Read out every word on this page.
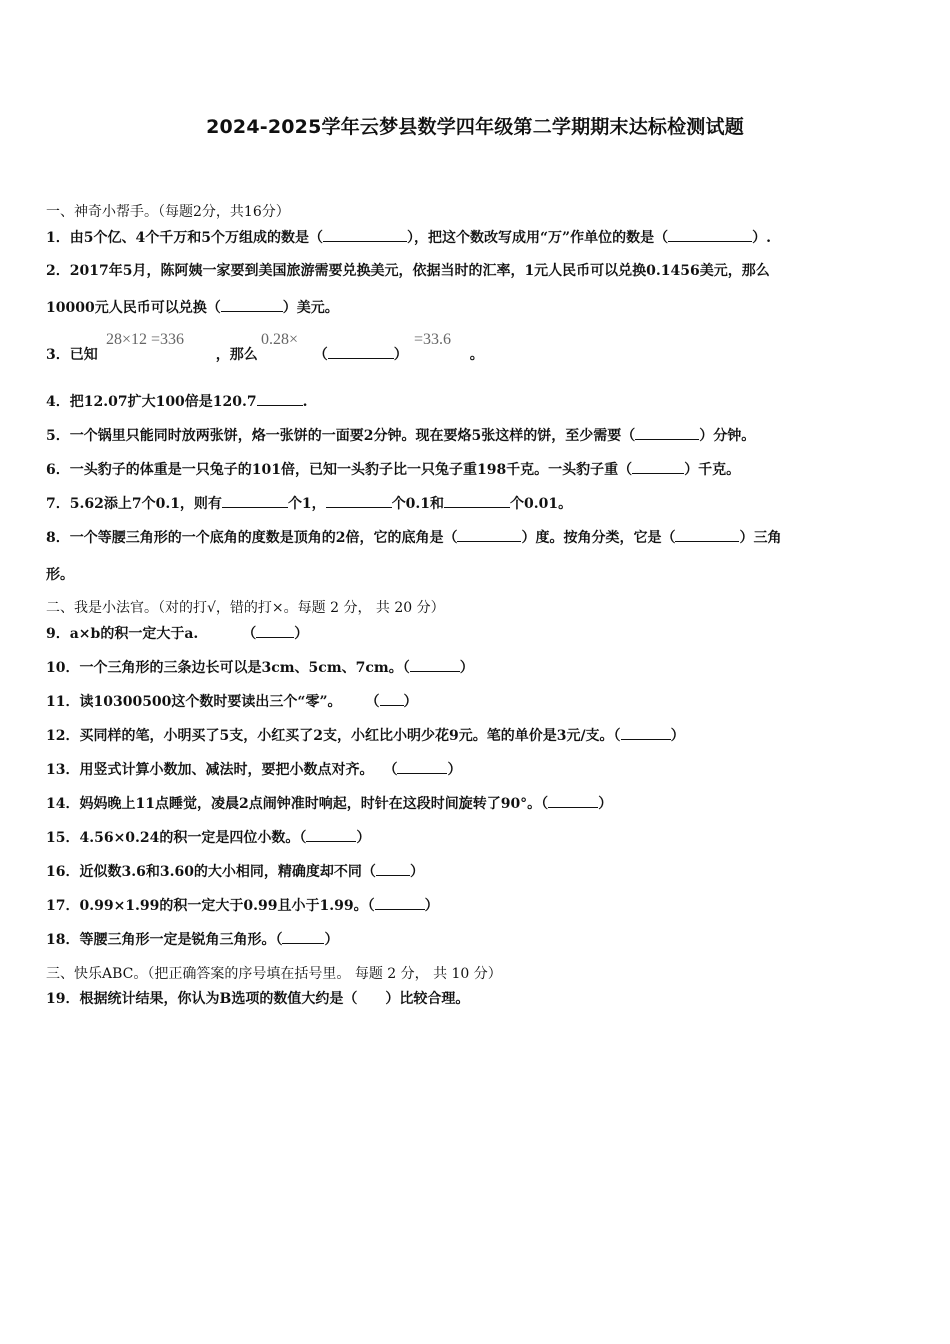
2024-2025学年云梦县数学四年级第二学期期末达标检测试题
一、神奇小帮手。（每题2分，共16分）
1．由5个亿、4个千万和5个万组成的数是（	），把这个数改写成用“万”作单位的数是（	）.
2．2017年5月，陈阿姨一家要到美国旅游需要兑换美元，依据当时的汇率，1元人民币可以兑换0.1456美元，那么
10000元人民币可以兑换（	）美元。
3．已知	，那么	（	）	。
28×12 =336	0.28×	=33.6
4．把12.07扩大100倍是120.7	.
5．一个锅里只能同时放两张饼，烙一张饼的一面要2分钟。现在要烙5张这样的饼，至少需要（	）分钟。
6．一头豹子的体重是一只兔子的101倍，已知一头豹子比一只兔子重198千克。一头豹子重（	）千克。
7．5.62添上7个0.1，则有	个1，	个0.1和	个0.01。
8．一个等腰三角形的一个底角的度数是顶角的2倍，它的底角是（	）度。按角分类，它是（	）三角
形。
二、我是小法官。（对的打√，错的打×。每题 2 分， 共 20 分）
9．a×b的积一定大于a.	（	）
10．一个三角形的三条边长可以是3cm、5cm、7cm。（	）
11．读10300500这个数时要读出三个“零”。 （ ）
12．买同样的笔，小明买了5支，小红买了2支，小红比小明少花9元。笔的单价是3元/支。（	）
13．用竖式计算小数加、减法时，要把小数点对齐。 （	）
14．妈妈晚上11点睡觉，凌晨2点闹钟准时响起，时针在这段时间旋转了90°。（	）
15．4.56×0.24的积一定是四位小数。（	）
16．近似数3.6和3.60的大小相同，精确度却不同（ ）
17．0.99×1.99的积一定大于0.99且小于1.99。（	）
18．等腰三角形一定是锐角三角形。（	）
三、快乐ABC。（把正确答案的序号填在括号里。 每题 2 分， 共 10 分）
19．根据统计结果，你认为B选项的数值大约是（　　）比较合理。
